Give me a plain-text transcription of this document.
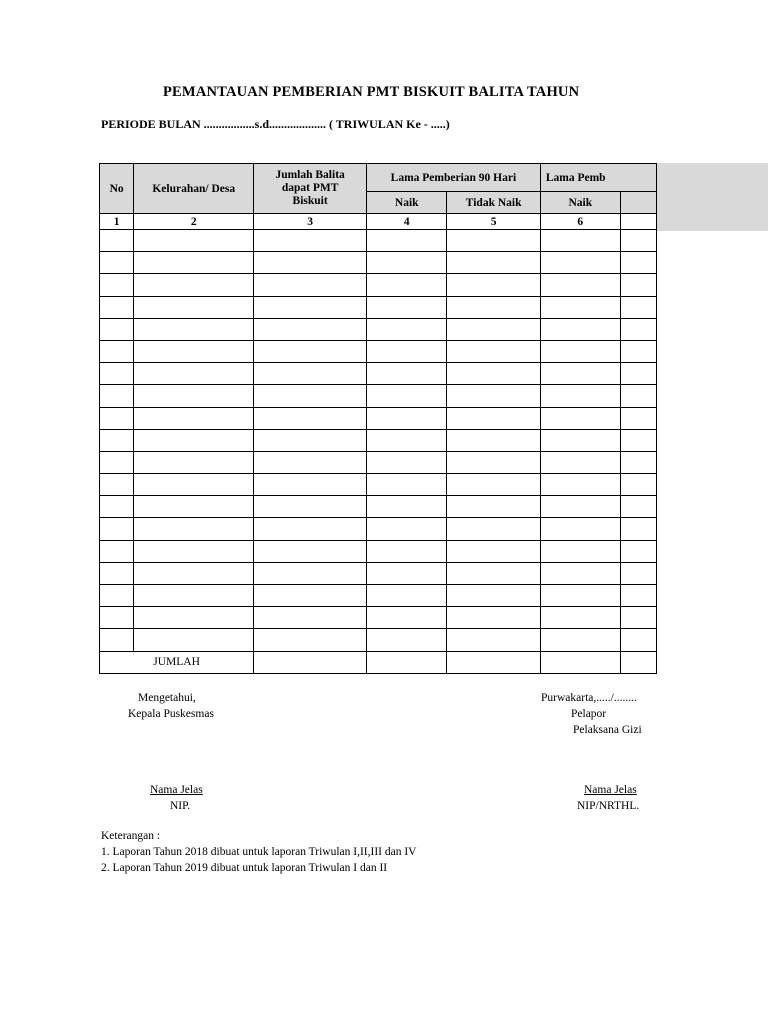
PEMANTAUAN PEMBERIAN PMT BISKUIT BALITA TAHUN
PERIODE BULAN .................s.d................... ( TRIWULAN Ke - .....)
No	Kelurahan/ Desa	Jumlah Balita dapat PMT Biskuit	Lama Pemberian 90 Hari		Lama Pemb	
			Naik	Tidak Naik	Naik	
1	2	3	4	5	6	

JUMLAH						
Mengetahui,
Kepala Puskesmas
Nama Jelas
NIP.
Purwakarta,...../........
Pelapor
Pelaksana Gizi
Nama Jelas
NIP/NRTHL.
Keterangan :
1. Laporan Tahun 2018 dibuat untuk laporan Triwulan I,II,III dan IV
2. Laporan Tahun 2019 dibuat untuk laporan Triwulan I dan II
